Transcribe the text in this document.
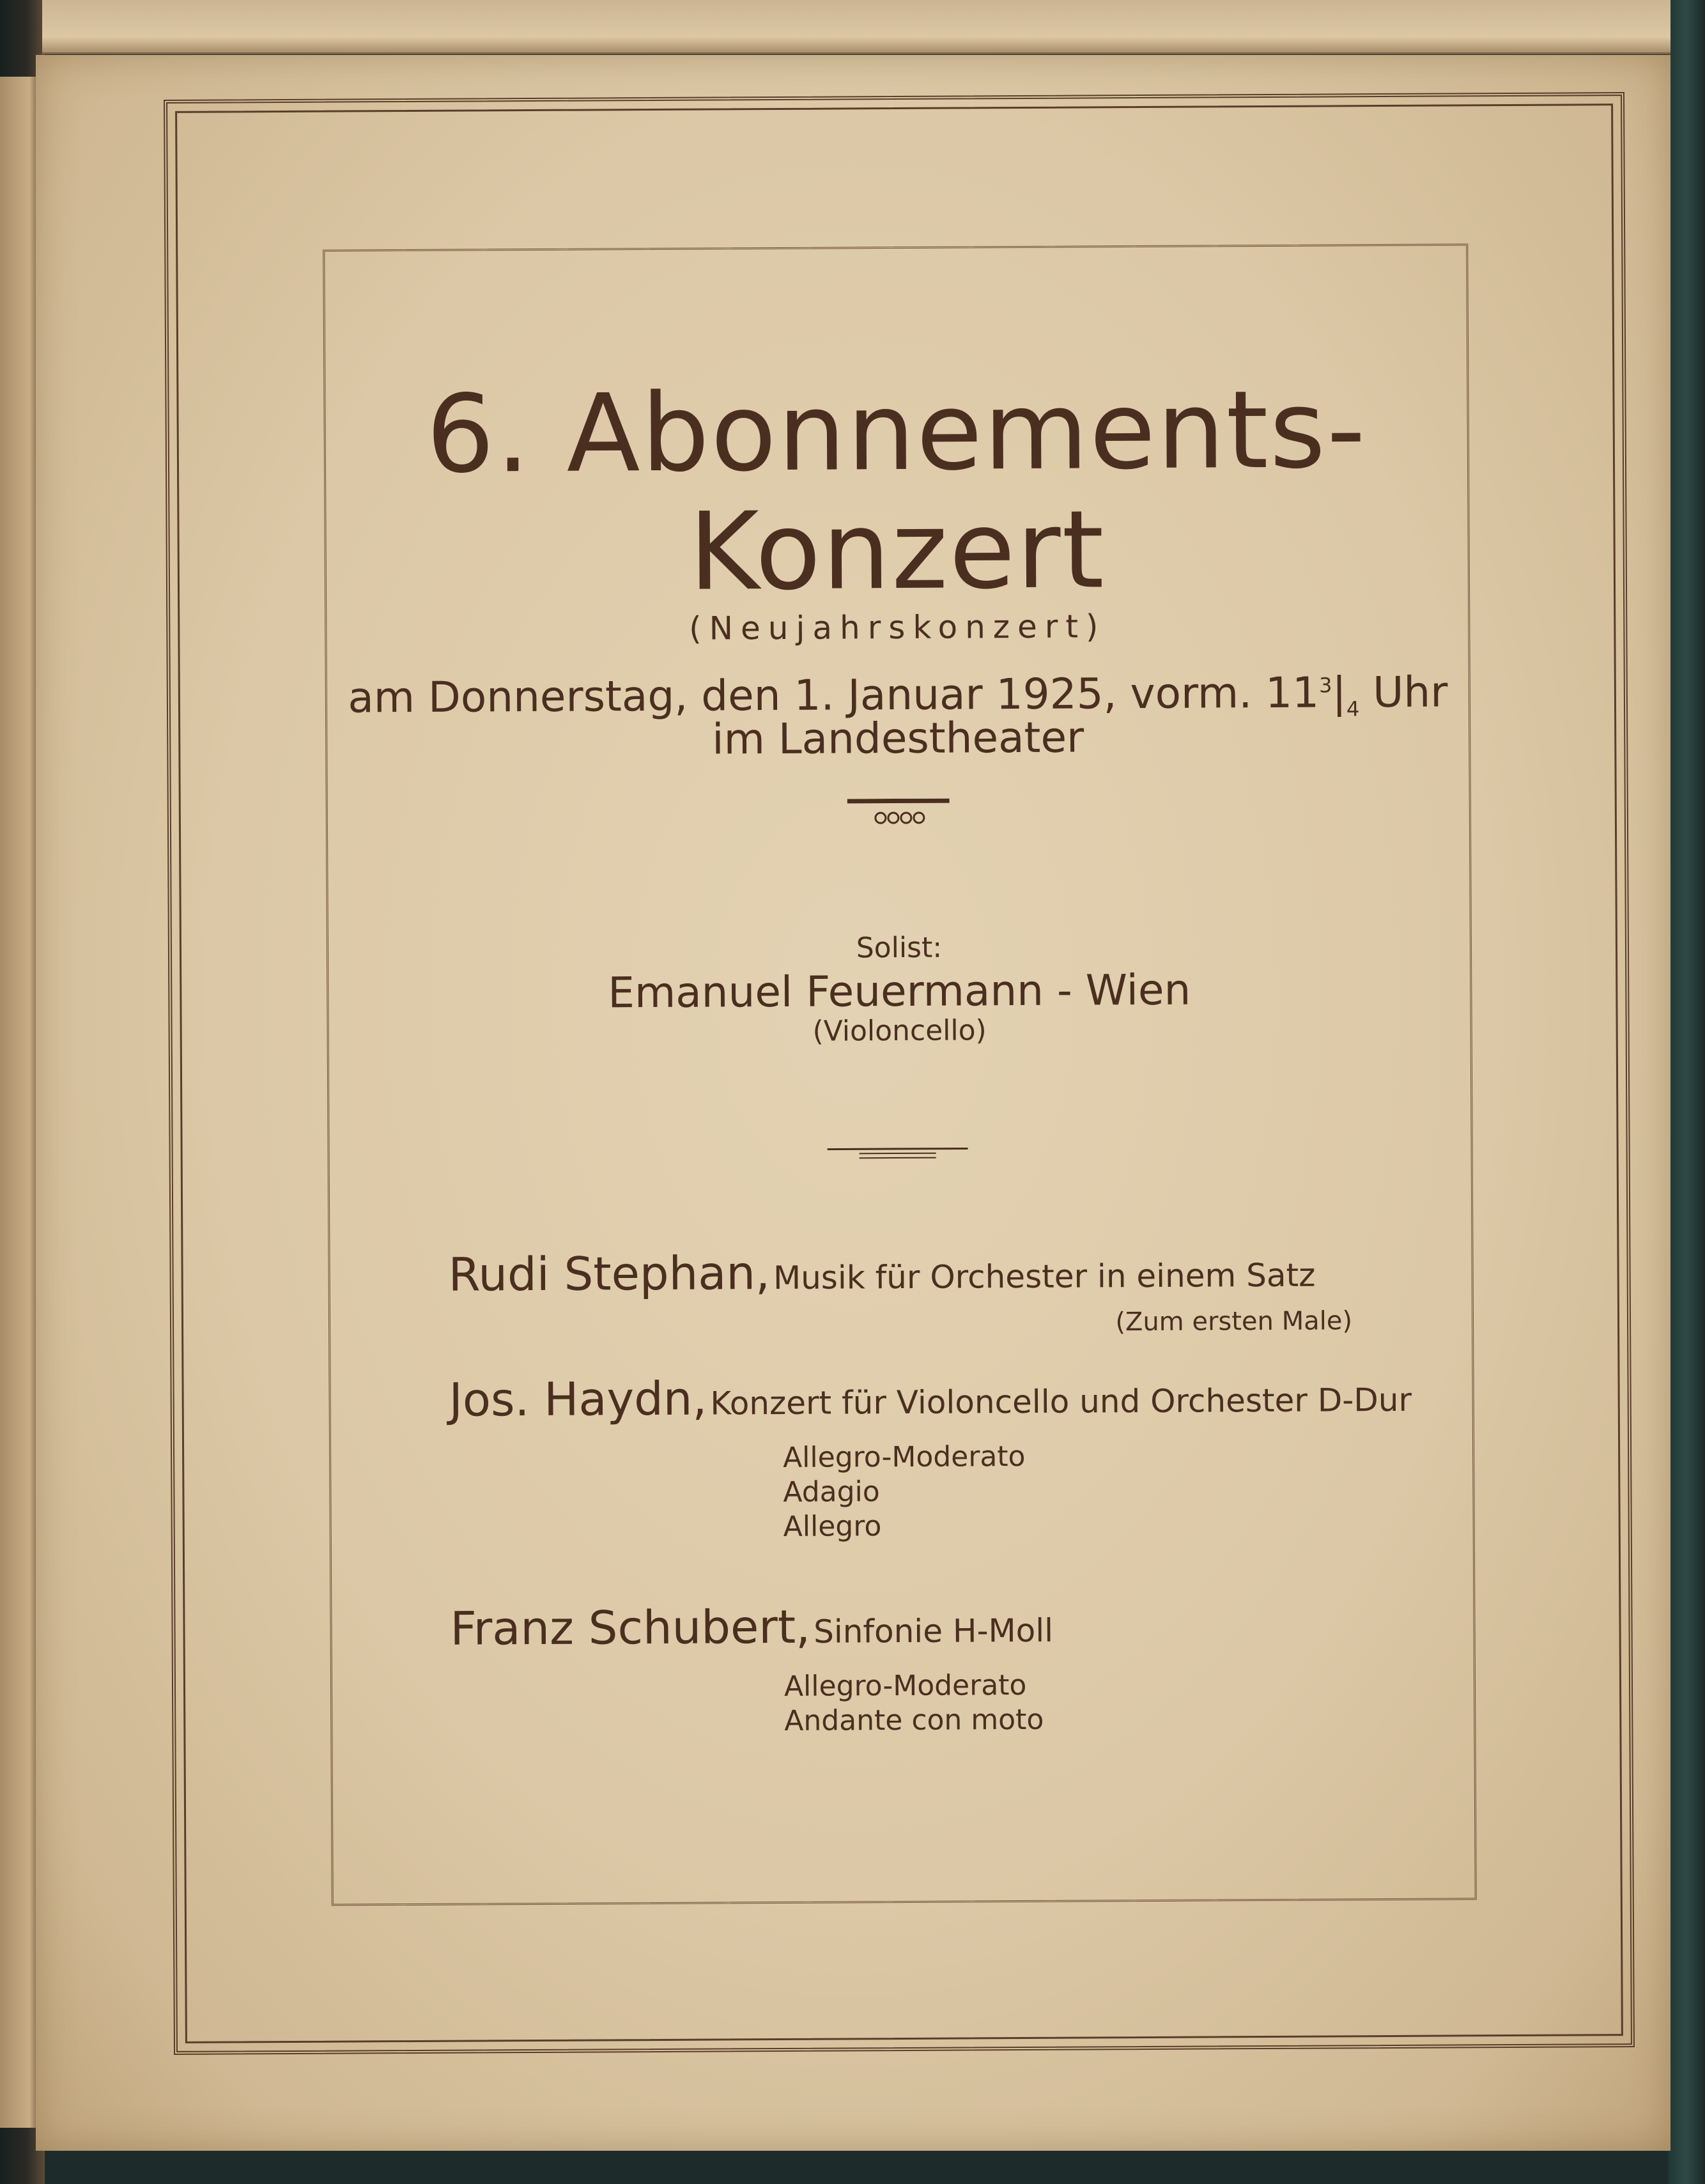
6. Abonnements-
Konzert
(Neujahrskonzert)
am Donnerstag, den 1. Januar 1925, vorm. $11^3|_4$ Uhr
im Landestheater
Solist:
Emanuel Feuermann - Wien
(Violoncello)
Rudi Stephan, Musik für Orchester in einem Satz
(Zum ersten Male)
Jos. Haydn, Konzert für Violoncello und Orchester D-Dur
Allegro-Moderato
Adagio
Allegro
Franz Schubert, Sinfonie H-Moll
Allegro-Moderato
Andante con moto
